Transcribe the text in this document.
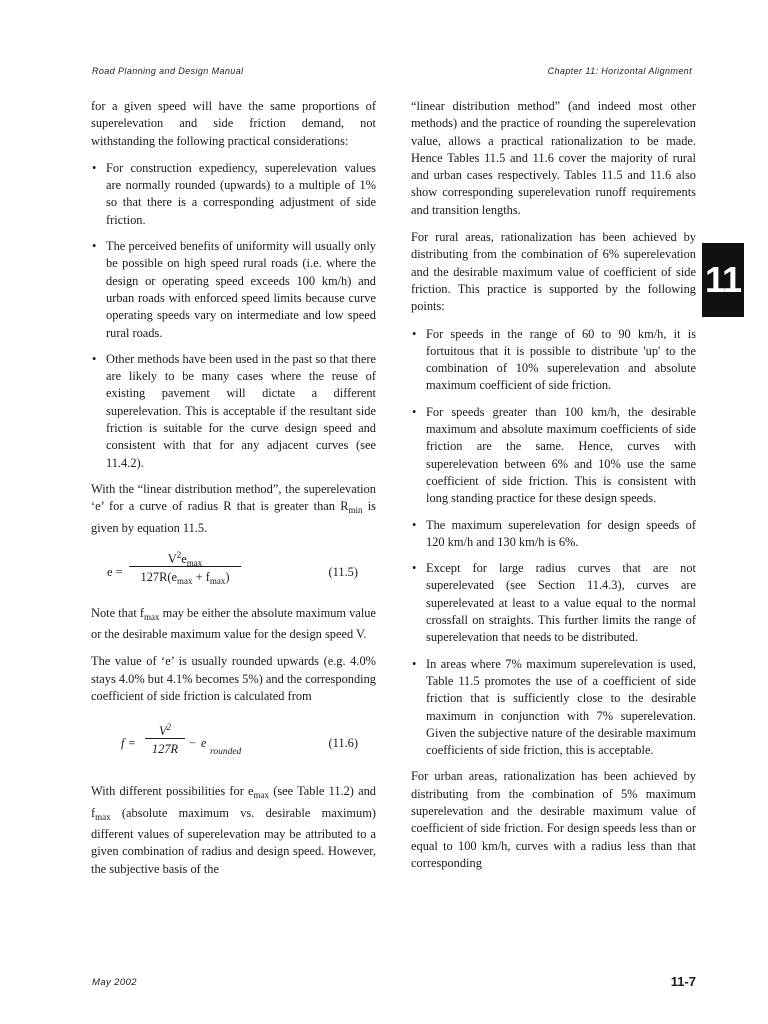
Road Planning and Design Manual	Chapter 11: Horizontal Alignment
11

for a given speed will have the same proportions of superelevation and side friction demand, not withstanding the following practical considerations:

• For construction expediency, superelevation values are normally rounded (upwards) to a multiple of 1% so that there is a corresponding adjustment of side friction.
• The perceived benefits of uniformity will usually only be possible on high speed rural roads (i.e. where the design or operating speed exceeds 100 km/h) and urban roads with enforced speed limits because curve operating speeds vary on intermediate and low speed rural roads.
• Other methods have been used in the past so that there are likely to be many cases where the reuse of existing pavement will dictate a different superelevation. This is acceptable if the resultant side friction is suitable for the curve design speed and consistent with that for any adjacent curves (see 11.4.2).

With the “linear distribution method”, the superelevation ‘e’ for a curve of radius R that is greater than $R_{min}$ is given by equation 11.5.

e =
$V^2e_{max}$
$127R(e_{max} + f_{max})$	(11.5)

Note that $f_{max}$ may be either the absolute maximum value or the desirable maximum value for the design speed V.

The value of ‘e’ is usually rounded upwards (e.g. 4.0% stays 4.0% but 4.1% becomes 5%) and the corresponding coefficient of side friction is calculated from

f =
$V^2$
127R − e
rounded
(11.6)

With different possibilities for $e_{max}$ (see Table 11.2) and $f_{max}$ (absolute maximum vs. desirable maximum) different values of superelevation may be attributed to a given combination of radius and design speed. However, the subjective basis of the

“linear distribution method” (and indeed most other methods) and the practice of rounding the superelevation value, allows a practical rationalization to be made. Hence Tables 11.5 and 11.6 cover the majority of rural and urban cases respectively. Tables 11.5 and 11.6 also show corresponding superelevation runoff requirements and transition lengths.

For rural areas, rationalization has been achieved by distributing from the combination of 6% superelevation and the desirable maximum value of coefficient of side friction. This practice is supported by the following points:

• For speeds in the range of 60 to 90 km/h, it is fortuitous that it is possible to distribute 'up' to the combination of 10% superelevation and absolute maximum coefficient of side friction.
• For speeds greater than 100 km/h, the desirable maximum and absolute maximum coefficients of side friction are the same. Hence, curves with superelevation between 6% and 10% use the same coefficient of side friction. This is consistent with long standing practice for these design speeds.
• The maximum superelevation for design speeds of 120 km/h and 130 km/h is 6%.
• Except for large radius curves that are not superelevated (see Section 11.4.3), curves are superelevated at least to a value equal to the normal crossfall on straights. This further limits the range of superelevation that needs to be distributed.
• In areas where 7% maximum superelevation is used, Table 11.5 promotes the use of a coefficient of side friction that is sufficiently close to the desirable maximum in conjunction with 7% superelevation. Given the subjective nature of the desirable maximum coefficients of side friction, this is acceptable.

For urban areas, rationalization has been achieved by distributing from the combination of 5% maximum superelevation and the desirable maximum value of coefficient of side friction. For design speeds less than or equal to 100 km/h, curves with a radius less than that corresponding

May 2002	11-7
